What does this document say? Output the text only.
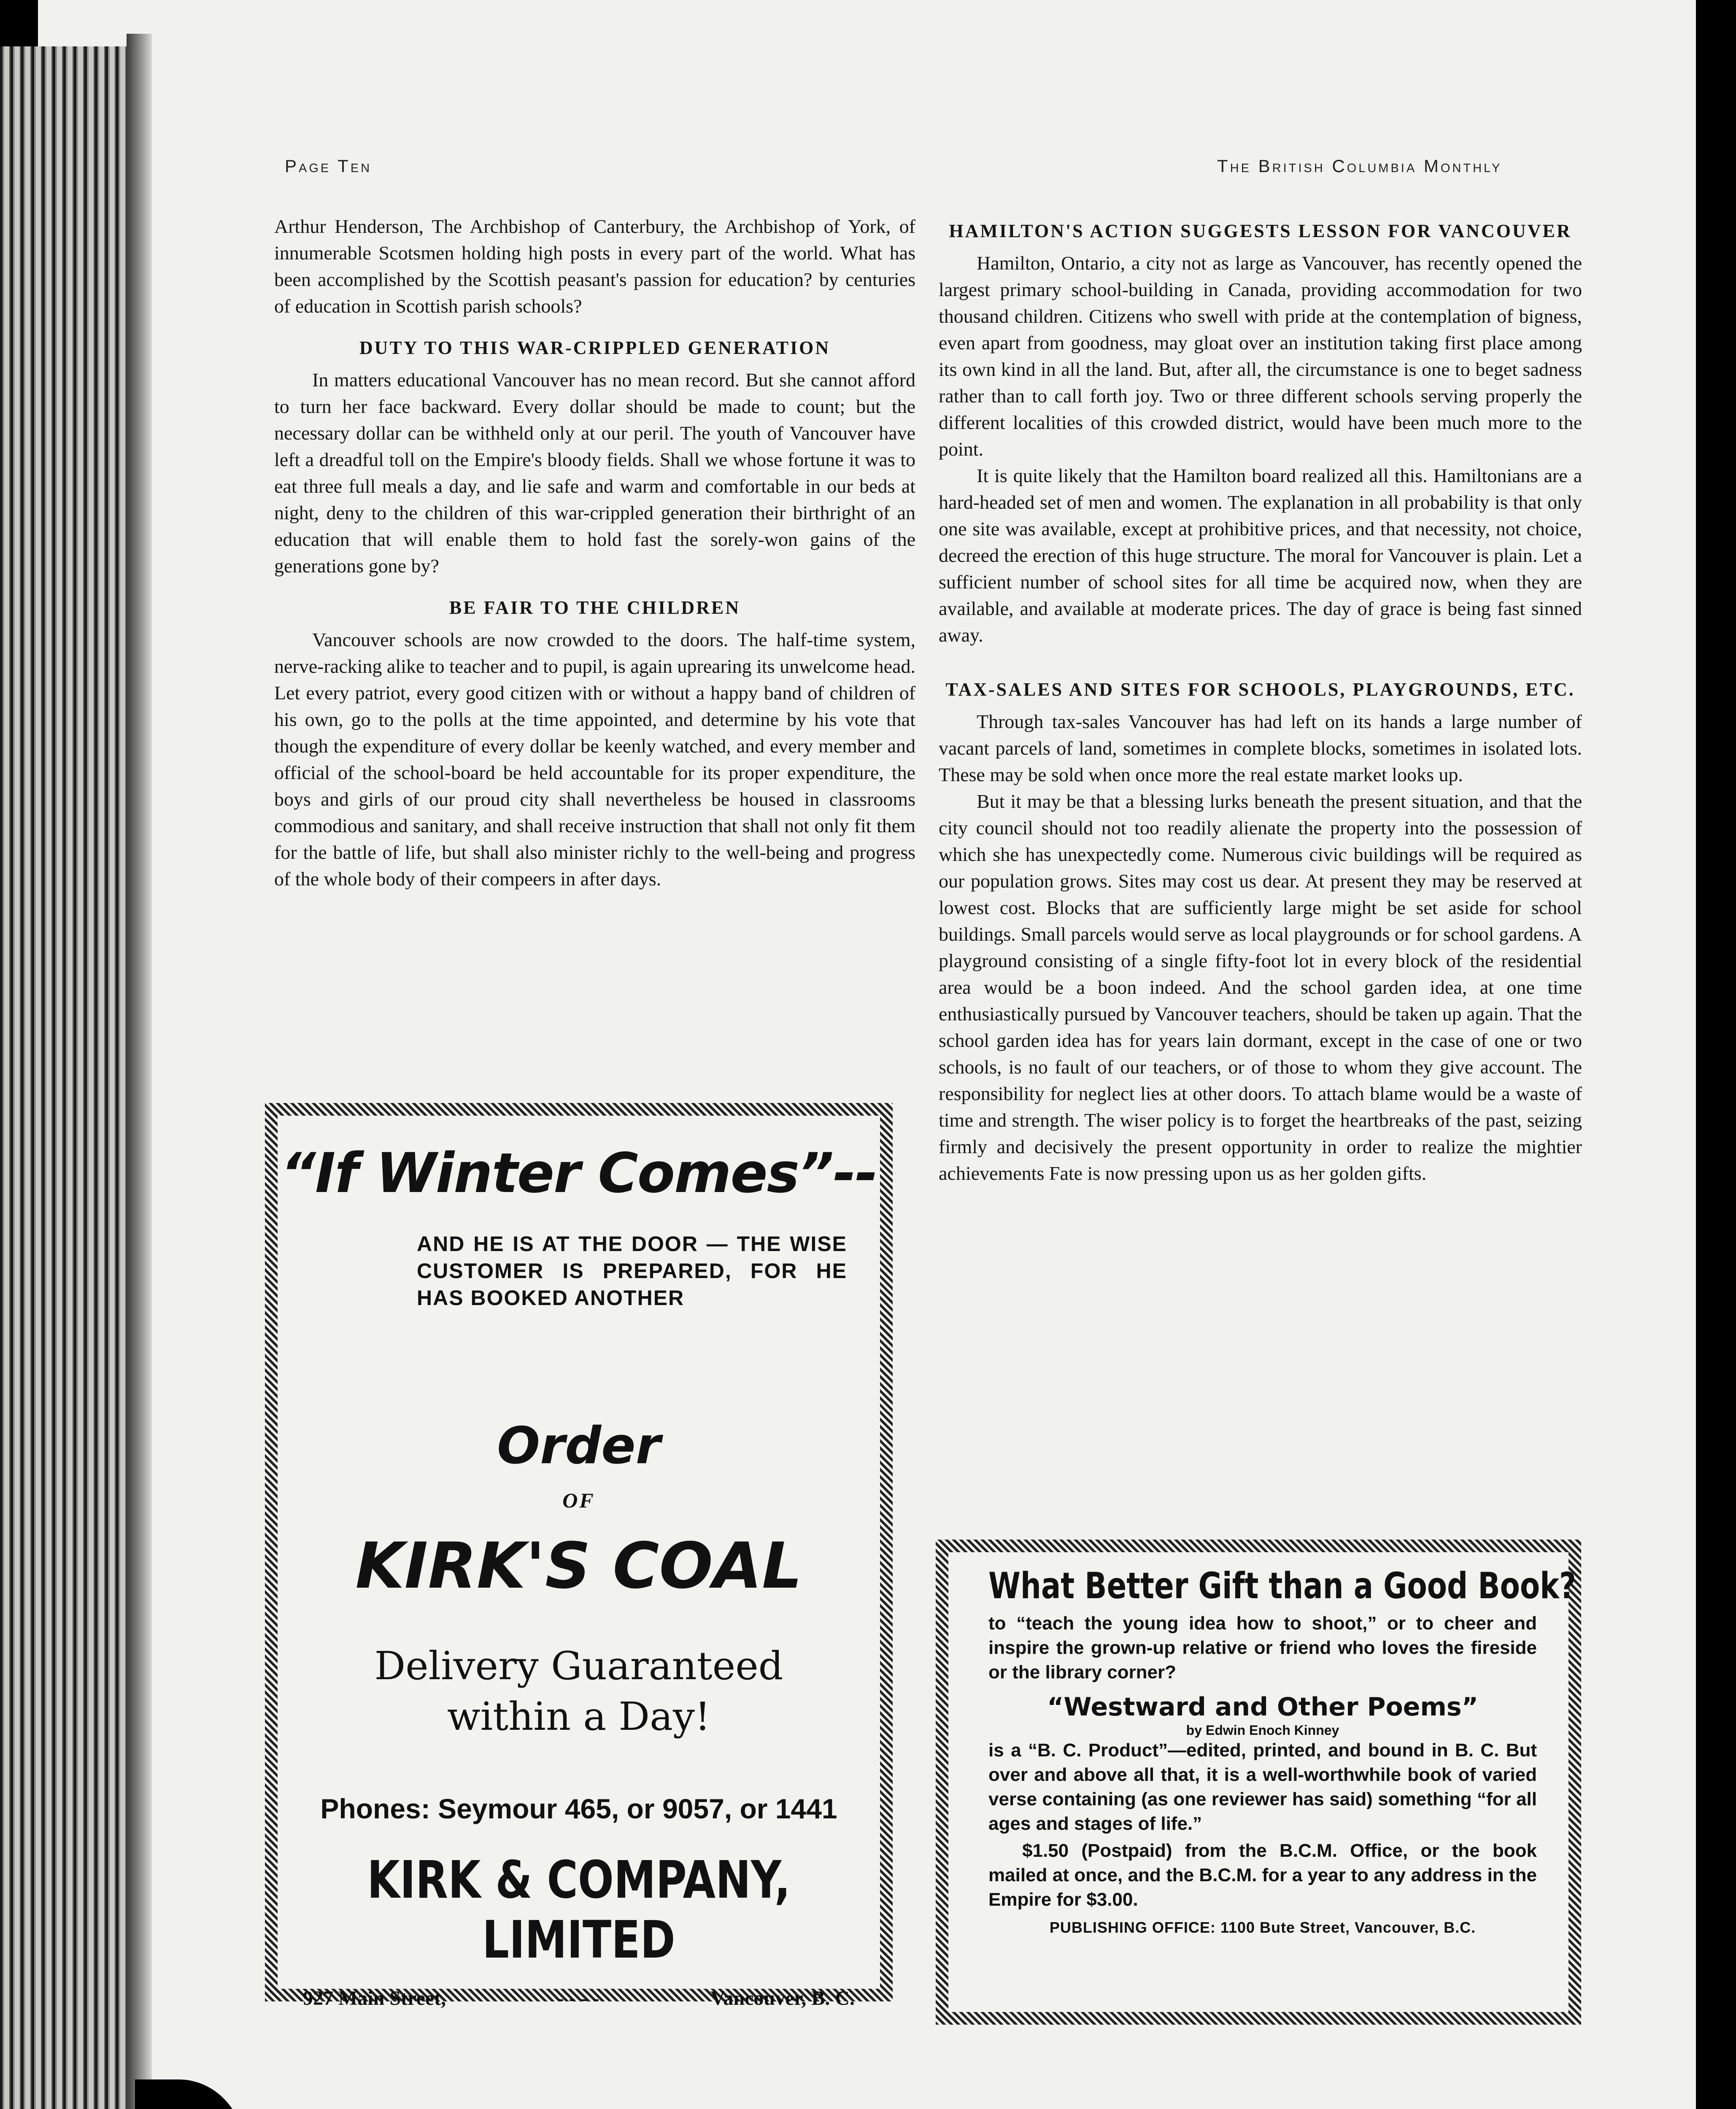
Page Ten	The British Columbia Monthly

Arthur Henderson, The Archbishop of Canterbury, the Archbishop of York, of innumerable Scotsmen holding high posts in every part of the world. What has been accomplished by the Scottish peasant's passion for education? by centuries of education in Scottish parish schools?

DUTY TO THIS WAR-CRIPPLED GENERATION

In matters educational Vancouver has no mean record. But she cannot afford to turn her face backward. Every dollar should be made to count; but the necessary dollar can be withheld only at our peril. The youth of Vancouver have left a dreadful toll on the Empire's bloody fields. Shall we whose fortune it was to eat three full meals a day, and lie safe and warm and comfortable in our beds at night, deny to the children of this war-crippled generation their birthright of an education that will enable them to hold fast the sorely-won gains of the generations gone by?

BE FAIR TO THE CHILDREN

Vancouver schools are now crowded to the doors. The half-time system, nerve-racking alike to teacher and to pupil, is again uprearing its unwelcome head. Let every patriot, every good citizen with or without a happy band of children of his own, go to the polls at the time appointed, and determine by his vote that though the expenditure of every dollar be keenly watched, and every member and official of the school-board be held accountable for its proper expenditure, the boys and girls of our proud city shall nevertheless be housed in classrooms commodious and sanitary, and shall receive instruction that shall not only fit them for the battle of life, but shall also minister richly to the well-being and progress of the whole body of their compeers in after days.

HAMILTON'S ACTION SUGGESTS LESSON FOR VANCOUVER

Hamilton, Ontario, a city not as large as Vancouver, has recently opened the largest primary school-building in Canada, providing accommodation for two thousand children. Citizens who swell with pride at the contemplation of bigness, even apart from goodness, may gloat over an institution taking first place among its own kind in all the land. But, after all, the circumstance is one to beget sadness rather than to call forth joy. Two or three different schools serving properly the different localities of this crowded district, would have been much more to the point.

It is quite likely that the Hamilton board realized all this. Hamiltonians are a hard-headed set of men and women. The explanation in all probability is that only one site was available, except at prohibitive prices, and that necessity, not choice, decreed the erection of this huge structure. The moral for Vancouver is plain. Let a sufficient number of school sites for all time be acquired now, when they are available, and available at moderate prices. The day of grace is being fast sinned away.

TAX-SALES AND SITES FOR SCHOOLS, PLAYGROUNDS, ETC.

Through tax-sales Vancouver has had left on its hands a large number of vacant parcels of land, sometimes in complete blocks, sometimes in isolated lots. These may be sold when once more the real estate market looks up.

But it may be that a blessing lurks beneath the present situation, and that the city council should not too readily alienate the property into the possession of which she has unexpectedly come. Numerous civic buildings will be required as our population grows. Sites may cost us dear. At present they may be reserved at lowest cost. Blocks that are sufficiently large might be set aside for school buildings. Small parcels would serve as local playgrounds or for school gardens. A playground consisting of a single fifty-foot lot in every block of the residential area would be a boon indeed. And the school garden idea, at one time enthusiastically pursued by Vancouver teachers, should be taken up again. That the school garden idea has for years lain dormant, except in the case of one or two schools, is no fault of our teachers, or of those to whom they give account. The responsibility for neglect lies at other doors. To attach blame would be a waste of time and strength. The wiser policy is to forget the heartbreaks of the past, seizing firmly and decisively the present opportunity in order to realize the mightier achievements Fate is now pressing upon us as her golden gifts.

“If Winter Comes”--
AND HE IS AT THE DOOR — THE WISE CUSTOMER IS PREPARED, FOR HE HAS BOOKED ANOTHER
Order
OF
KIRK'S COAL
Delivery Guaranteed within a Day!
Phones: Seymour 465, or 9057, or 1441
KIRK & COMPANY, LIMITED
927 Main Street,	- - - -	Vancouver, B. C.
What Better Gift than a Good Book?
to “teach the young idea how to shoot,” or to cheer and inspire the grown-up relative or friend who loves the fireside or the library corner?
“Westward and Other Poems”
by Edwin Enoch Kinney
is a “B. C. Product”—edited, printed, and bound in B. C. But over and above all that, it is a well-worthwhile book of varied verse containing (as one reviewer has said) something “for all ages and stages of life.”
$1.50 (Postpaid) from the B.C.M. Office, or the book mailed at once, and the B.C.M. for a year to any address in the Empire for $3.00.
PUBLISHING OFFICE: 1100 Bute Street, Vancouver, B.C.
